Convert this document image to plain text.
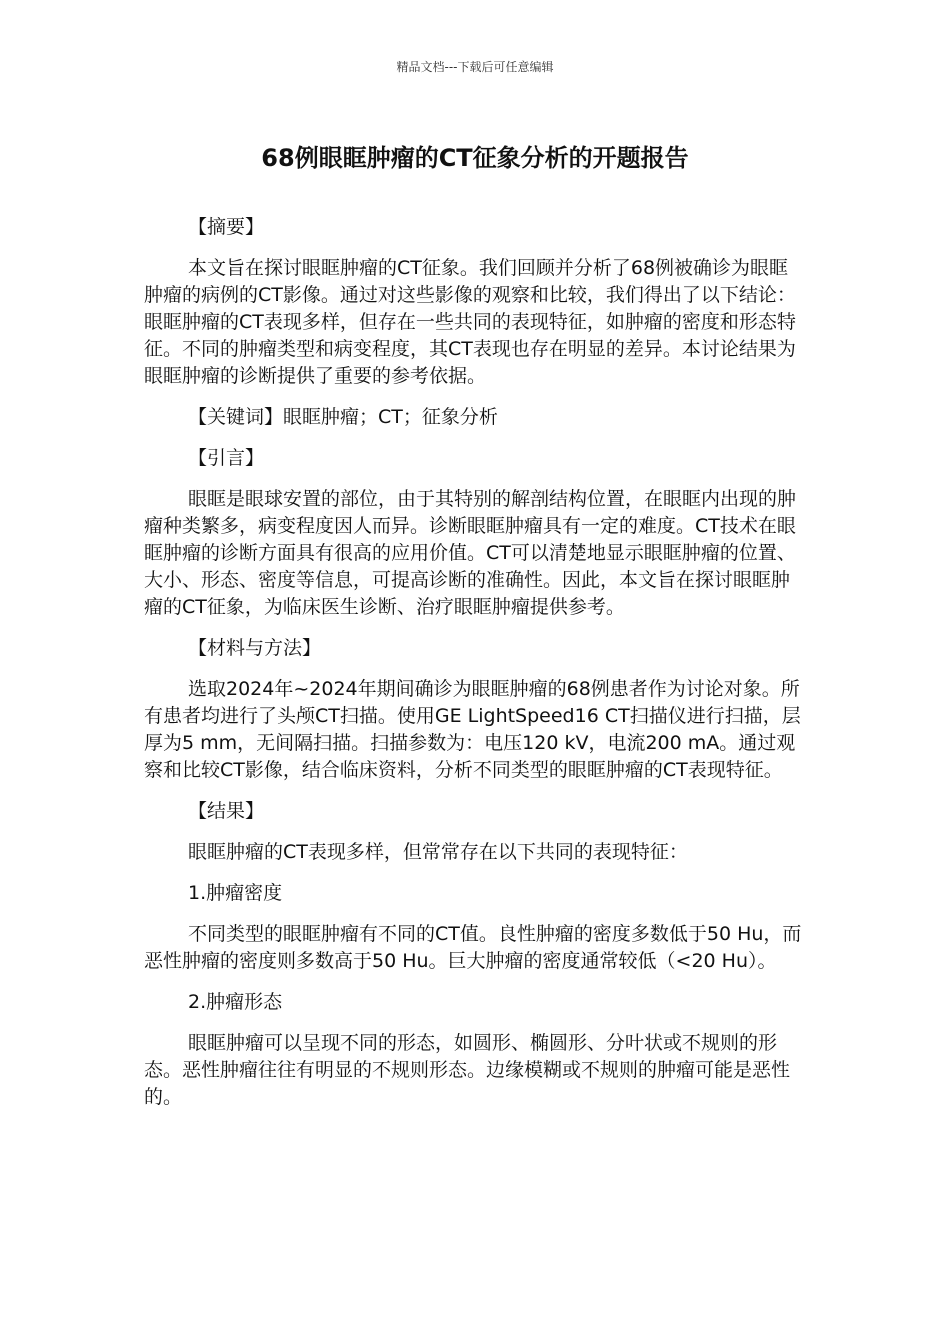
精品文档---下载后可任意编辑
68例眼眶肿瘤的CT征象分析的开题报告

【摘要】

本文旨在探讨眼眶肿瘤的CT征象。我们回顾并分析了68例被确诊为眼眶肿瘤的病例的CT影像。通过对这些影像的观察和比较，我们得出了以下结论：眼眶肿瘤的CT表现多样，但存在一些共同的表现特征，如肿瘤的密度和形态特征。不同的肿瘤类型和病变程度，其CT表现也存在明显的差异。本讨论结果为眼眶肿瘤的诊断提供了重要的参考依据。

【关键词】眼眶肿瘤；CT；征象分析

【引言】

眼眶是眼球安置的部位，由于其特别的解剖结构位置，在眼眶内出现的肿瘤种类繁多，病变程度因人而异。诊断眼眶肿瘤具有一定的难度。CT技术在眼眶肿瘤的诊断方面具有很高的应用价值。CT可以清楚地显示眼眶肿瘤的位置、大小、形态、密度等信息，可提高诊断的准确性。因此，本文旨在探讨眼眶肿瘤的CT征象，为临床医生诊断、治疗眼眶肿瘤提供参考。

【材料与方法】

选取2024年~2024年期间确诊为眼眶肿瘤的68例患者作为讨论对象。所有患者均进行了头颅CT扫描。使用GE LightSpeed16 CT扫描仪进行扫描，层厚为5 mm，无间隔扫描。扫描参数为：电压120 kV，电流200 mA。通过观察和比较CT影像，结合临床资料，分析不同类型的眼眶肿瘤的CT表现特征。

【结果】

眼眶肿瘤的CT表现多样，但常常存在以下共同的表现特征：

1.肿瘤密度

不同类型的眼眶肿瘤有不同的CT值。良性肿瘤的密度多数低于50 Hu，而恶性肿瘤的密度则多数高于50 Hu。巨大肿瘤的密度通常较低（<20 Hu）。

2.肿瘤形态

眼眶肿瘤可以呈现不同的形态，如圆形、椭圆形、分叶状或不规则的形态。恶性肿瘤往往有明显的不规则形态。边缘模糊或不规则的肿瘤可能是恶性的。
